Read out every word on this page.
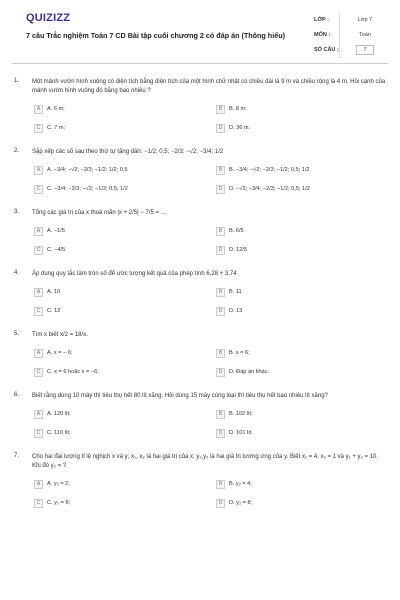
QUIZIZZ
7 câu Trắc nghiệm Toán 7 CD Bài tập cuối chương 2 có đáp án (Thông hiểu)
LỚP :	Lớp 7
MÔN :	Toán
SỐ CÂU :	7
1.	Một mảnh vườn hình vuông có diện tích bằng diện tích của một hình chữ nhật có chiều dài là 9 m và chiều rộng là 4 m. Hỏi cạnh của mảnh vườn hình vuông đó bằng bao nhiêu ?
A	A. 6 m;	B	B. 8 m;
C	C. 7 m;	D	D. 36 m.
2.	Sắp xếp các số sau theo thứ tự tăng dần: −1/2; 0,5; −2/3; −√2; −3/4; 1/2
A	A. −3/4; −√2; −2/3; −1/2; 1/2; 0,5	B	B. −3/4; −√2; −2/3; −1/2; 0,5; 1/2
C	C. −3/4; −2/3; −√2; −1/2; 0,5; 1/2	D	D. −√2; −3/4; −2/3; −1/2; 0,5; 1/2
3.	Tổng các giá trị của x thoả mãn |x + 2/5| − 7/5 = ...
A	A. −1/5	B	B. 6/5
C	C. −4/5	D	D. 12/5
4.	Áp dụng quy tắc làm tròn số để ước lượng kết quả của phép tính 6,28 + 3,74
A	A. 10	B	B. 11
C	C. 12	D	D. 13
5.	Tìm x biết x/2 = 18/x.
A	A. x = − 6;	B	B. x = 6;
C	C. x = 6 hoặc x = −6;	D	D. Đáp án khác.
6.	Biết rằng dùng 10 máy thì tiêu thụ hết 80 lít xăng. Hỏi dùng 15 máy cùng loại thì tiêu thụ hết bao nhiêu lít xăng?
A	A. 120 lít;	B	B. 102 lít;
C	C. 110 lít;	D	D. 101 lít.
7.	Cho hai đại lượng tỉ lệ nghịch x và y; x₁, x₂ là hai giá trị của x; y₁,y₂ là hai giá trị tương ứng của y. Biết x₁ = 4, x₂ = 1 và y₁ + y₂ = 10. Khi đó y₂ = ?
A	A. y₂ = 2;	B	B. y₂ = 4;
C	C. y₂ = 6;	D	D. y₂ = 8;
